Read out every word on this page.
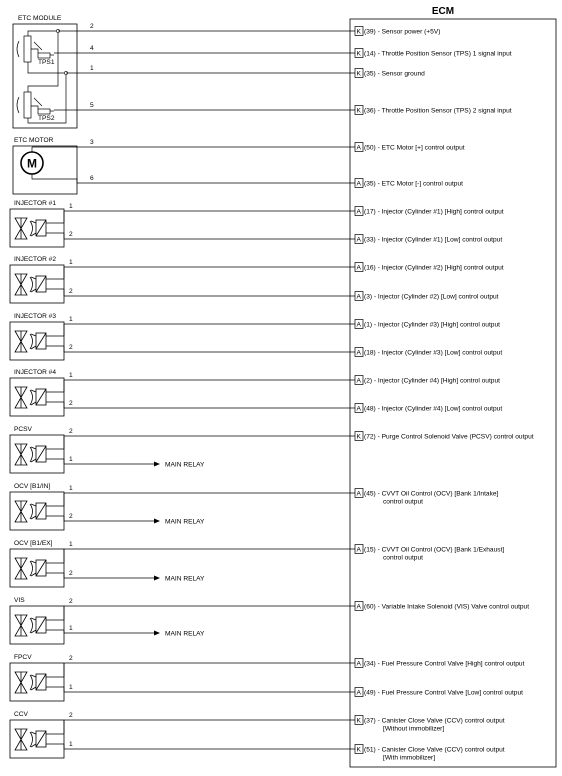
ECM
ETC MODULE
TPS1
TPS2
ETC MOTOR
M
2
K (39) - Sensor power (+5V)
4
K (14) - Throttle Position Sensor (TPS) 1 signal input
1
K (35) - Sensor ground
5
K (36) - Throttle Position Sensor (TPS) 2 signal input
3
A (50) - ETC Motor [+] control output
6
A (35) - ETC Motor [-] control output
INJECTOR #1 1
A (17) - Injector (Cylinder #1) [High] control output
2
A (33) - Injector (Cylinder #1) [Low] control output
INJECTOR #2 1
A (16) - Injector (Cylinder #2) [High] control output
2
A (3) - Injector (Cylinder #2) [Low] control output
INJECTOR #3 1
A (1) - Injector (Cylinder #3) [High] control output
2
A (18) - Injector (Cylinder #3) [Low] control output
INJECTOR #4 1
A (2) - Injector (Cylinder #4) [High] control output
2
A (48) - Injector (Cylinder #4) [Low] control output
PCSV	2
K (72) - Purge Control Solenoid Valve (PCSV) control output
1
MAIN RELAY
OCV [B1/IN]	1
A (45) - CVVT Oil Control (OCV) [Bank 1/Intake]
control output
2
MAIN RELAY
OCV [B1/EX]	1
A (15) - CVVT Oil Control (OCV) [Bank 1/Exhaust]
control output
2
MAIN RELAY
VIS	2
A (60) - Variable Intake Solenoid (VIS) Valve control output
1
MAIN RELAY
FPCV	2
A (34) - Fuel Pressure Control Valve [High] control output
1
A (49) - Fuel Pressure Control Valve [Low] control output
CCV	2
K (37) - Canister Close Valve (CCV) control output
[Without immobilizer]
1
K (51) - Canister Close Valve (CCV) control output
[With immobilizer]
